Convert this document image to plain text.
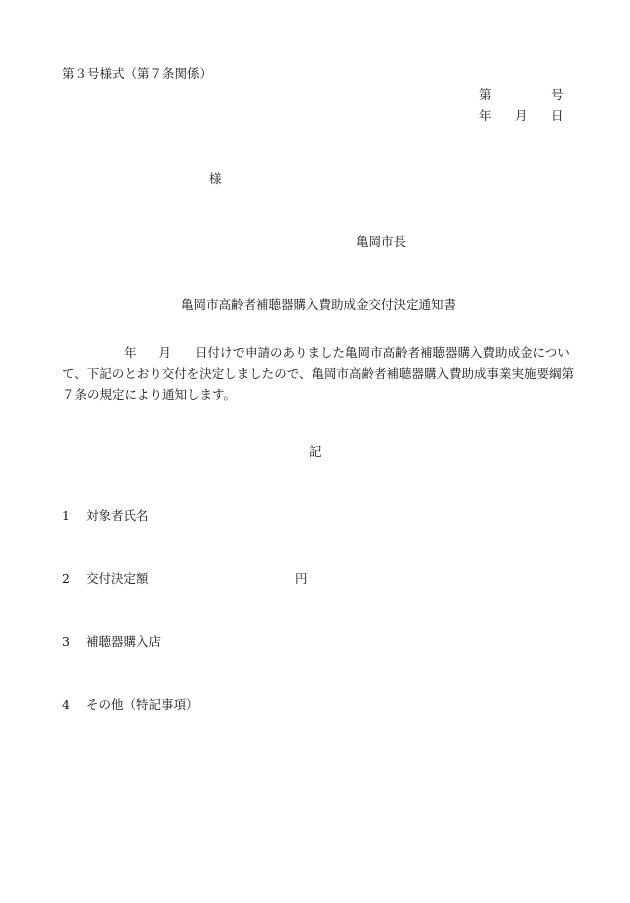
第３号様式（第７条関係）
第	号
年 月 日
様
亀岡市長
亀岡市高齢者補聴器購入費助成金交付決定通知書
年 月 日付けで申請のありました亀岡市高齢者補聴器購入費助成金につい
て、下記のとおり交付を決定しましたので、亀岡市高齢者補聴器購入費助成事業実施要綱第
７条の規定により通知します。
記
1 対象者氏名
2 交付決定額	円
3 補聴器購入店
4 その他（特記事項）
